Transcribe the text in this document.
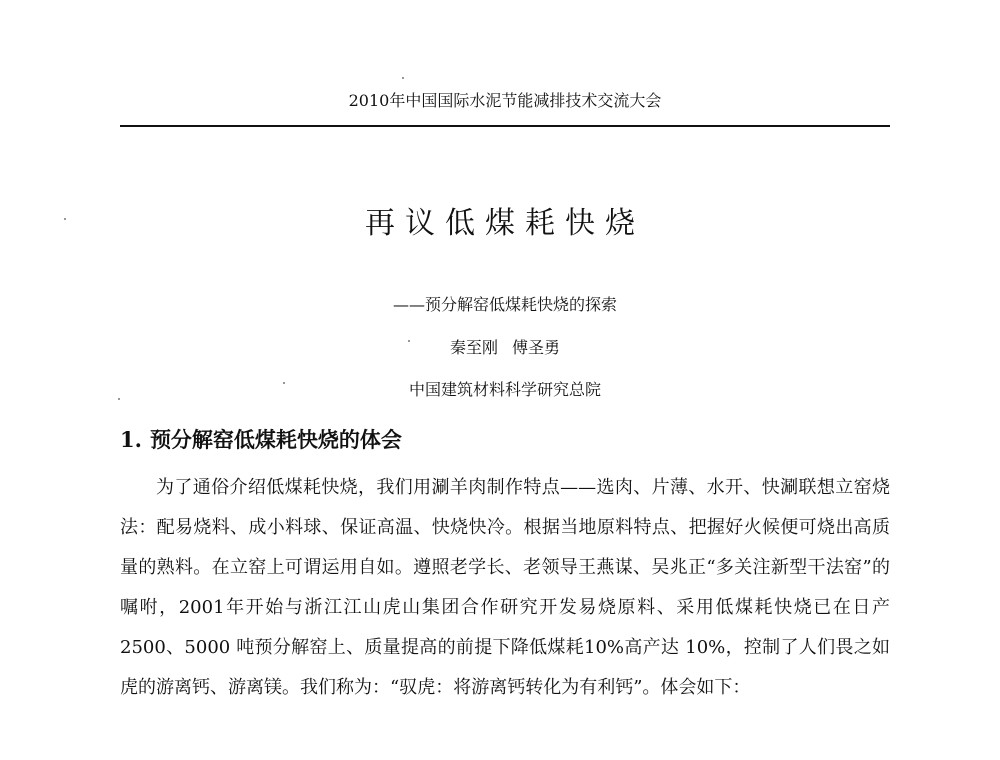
2010年中国国际水泥节能减排技术交流大会
再议低煤耗快烧
——预分解窑低煤耗快烧的探索
秦至刚 傅圣勇
中国建筑材料科学研究总院
1. 预分解窑低煤耗快烧的体会

为了通俗介绍低煤耗快烧，我们用涮羊肉制作特点——选肉、片薄、水开、快涮联想立窑烧法：配易烧料、成小料球、保证高温、快烧快冷。根据当地原料特点、把握好火候便可烧出高质量的熟料。在立窑上可谓运用自如。遵照老学长、老领导王燕谋、吴兆正“多关注新型干法窑”的嘱咐，2001年开始与浙江江山虎山集团合作研究开发易烧原料、采用低煤耗快烧已在日产 2500、5000 吨预分解窑上、质量提高的前提下降低煤耗10%高产达 10%，控制了人们畏之如虎的游离钙、游离镁。我们称为：“驭虎：将游离钙转化为有利钙”。体会如下：
